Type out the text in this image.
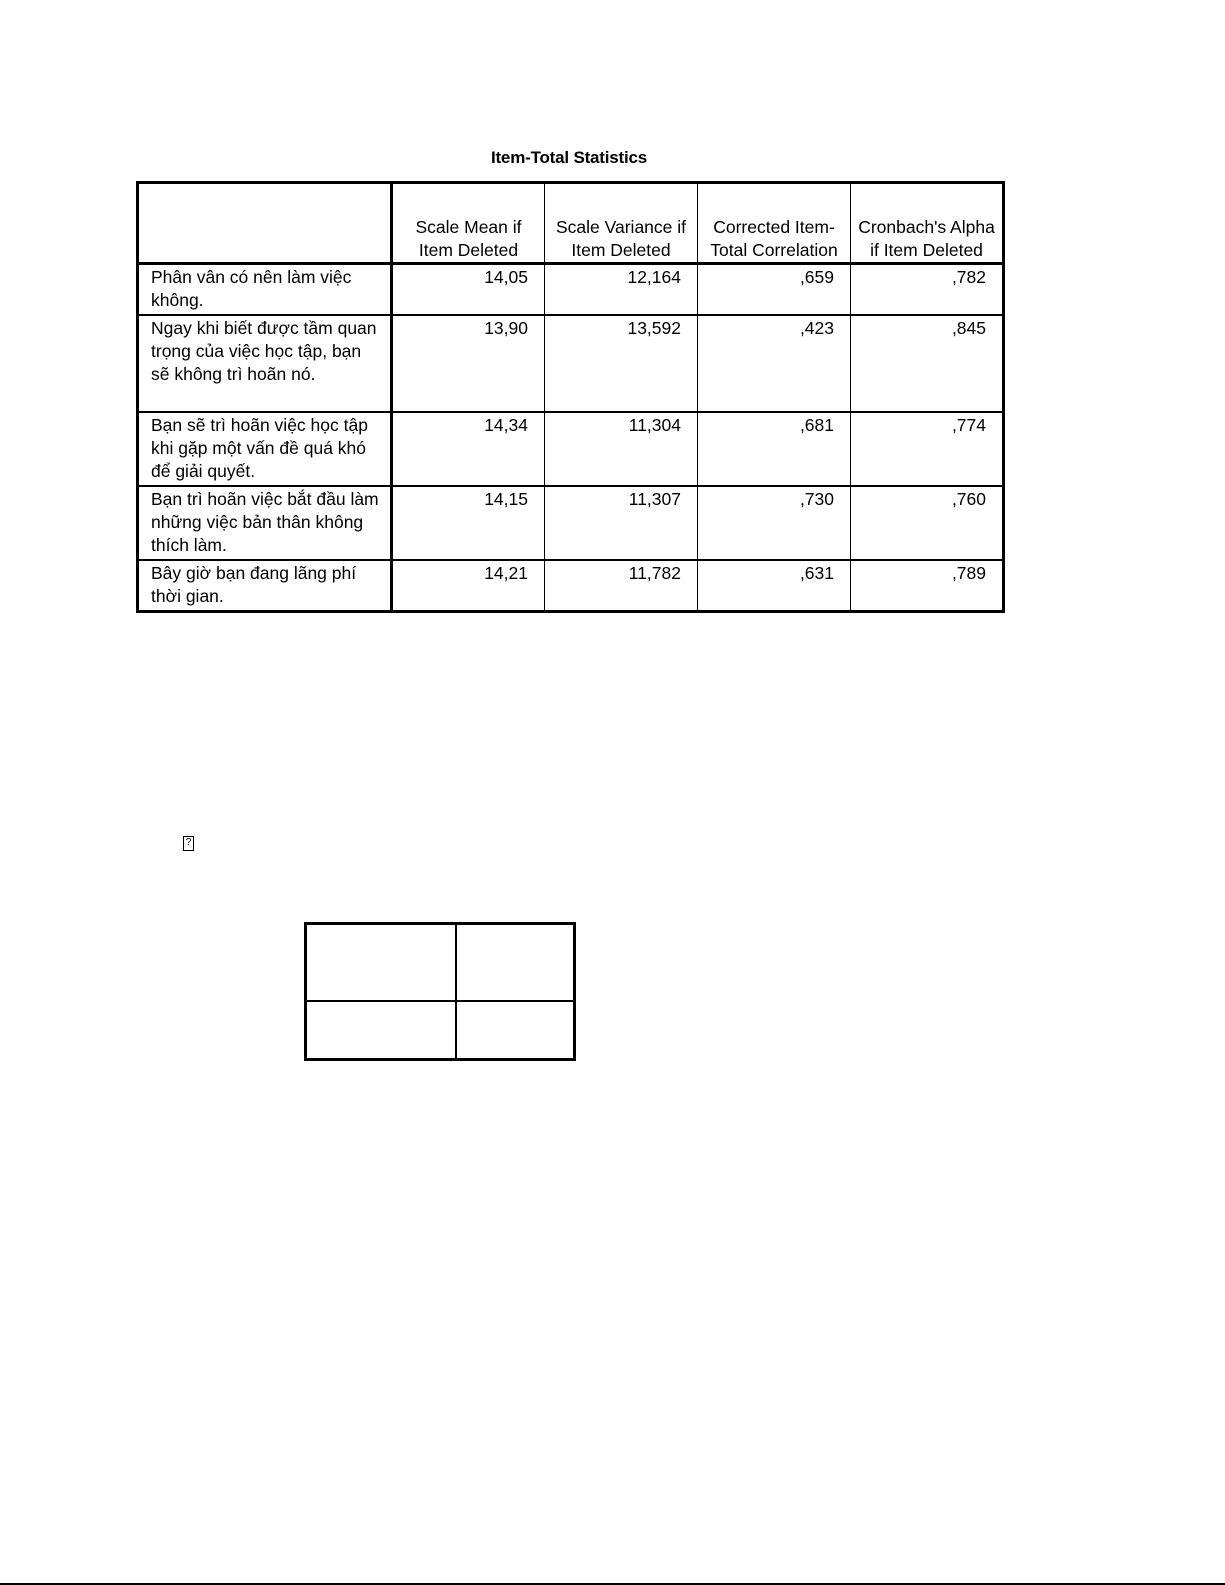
Item-Total Statistics
	Scale Mean if Item Deleted	Scale Variance if Item Deleted	Corrected Item-Total Correlation	Cronbach's Alpha if Item Deleted
Phân vân có nên làm việc không.	14,05	12,164	,659	,782
Ngay khi biết được tầm quan trọng của việc học tập, bạn sẽ không trì hoãn nó.	13,90	13,592	,423	,845
Bạn sẽ trì hoãn việc học tập khi gặp một vấn đề quá khó để giải quyết.	14,34	11,304	,681	,774
Bạn trì hoãn việc bắt đầu làm những việc bản thân không thích làm.	14,15	11,307	,730	,760
Bây giờ bạn đang lãng phí thời gian.	14,21	11,782	,631	,789
?
